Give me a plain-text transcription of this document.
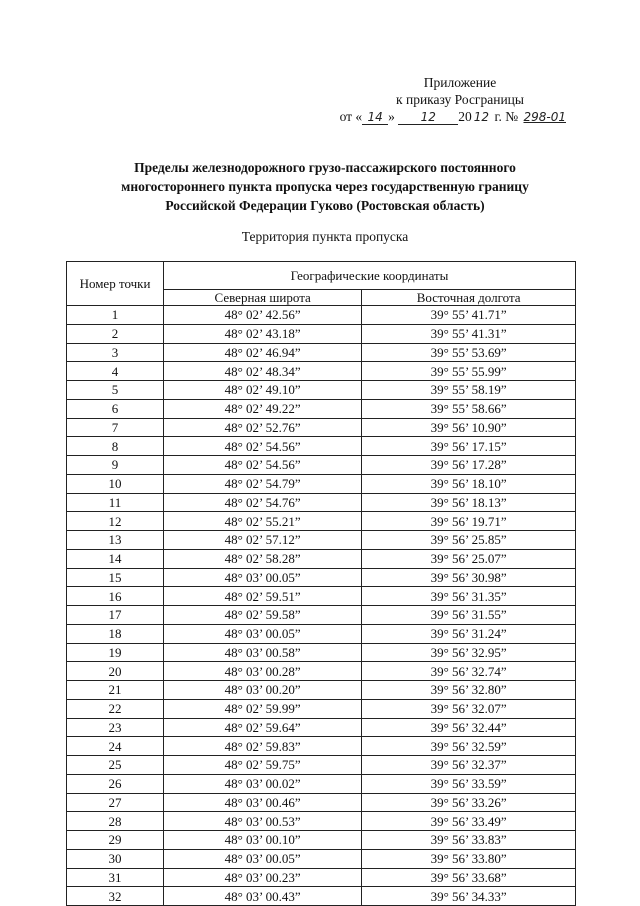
Приложение
к приказу Росграницы
от « 14 » 12 20 12 г. № 298-01
Пределы железнодорожного грузо-пассажирского постоянного
многостороннего пункта пропуска через государственную границу
Российской Федерации Гуково (Ростовская область)
Территория пункта пропуска
Номер точки	Географические координаты	
	Северная широта	Восточная долгота
1	48° 02’ 42.56”	39° 55’ 41.71”
2	48° 02’ 43.18”	39° 55’ 41.31”
3	48° 02’ 46.94”	39° 55’ 53.69”
4	48° 02’ 48.34”	39° 55’ 55.99”
5	48° 02’ 49.10”	39° 55’ 58.19”
6	48° 02’ 49.22”	39° 55’ 58.66”
7	48° 02’ 52.76”	39° 56’ 10.90”
8	48° 02’ 54.56”	39° 56’ 17.15”
9	48° 02’ 54.56”	39° 56’ 17.28”
10	48° 02’ 54.79”	39° 56’ 18.10”
11	48° 02’ 54.76”	39° 56’ 18.13”
12	48° 02’ 55.21”	39° 56’ 19.71”
13	48° 02’ 57.12”	39° 56’ 25.85”
14	48° 02’ 58.28”	39° 56’ 25.07”
15	48° 03’ 00.05”	39° 56’ 30.98”
16	48° 02’ 59.51”	39° 56’ 31.35”
17	48° 02’ 59.58”	39° 56’ 31.55”
18	48° 03’ 00.05”	39° 56’ 31.24”
19	48° 03’ 00.58”	39° 56’ 32.95”
20	48° 03’ 00.28”	39° 56’ 32.74”
21	48° 03’ 00.20”	39° 56’ 32.80”
22	48° 02’ 59.99”	39° 56’ 32.07”
23	48° 02’ 59.64”	39° 56’ 32.44”
24	48° 02’ 59.83”	39° 56’ 32.59”
25	48° 02’ 59.75”	39° 56’ 32.37”
26	48° 03’ 00.02”	39° 56’ 33.59”
27	48° 03’ 00.46”	39° 56’ 33.26”
28	48° 03’ 00.53”	39° 56’ 33.49”
29	48° 03’ 00.10”	39° 56’ 33.83”
30	48° 03’ 00.05”	39° 56’ 33.80”
31	48° 03’ 00.23”	39° 56’ 33.68”
32	48° 03’ 00.43”	39° 56’ 34.33”
